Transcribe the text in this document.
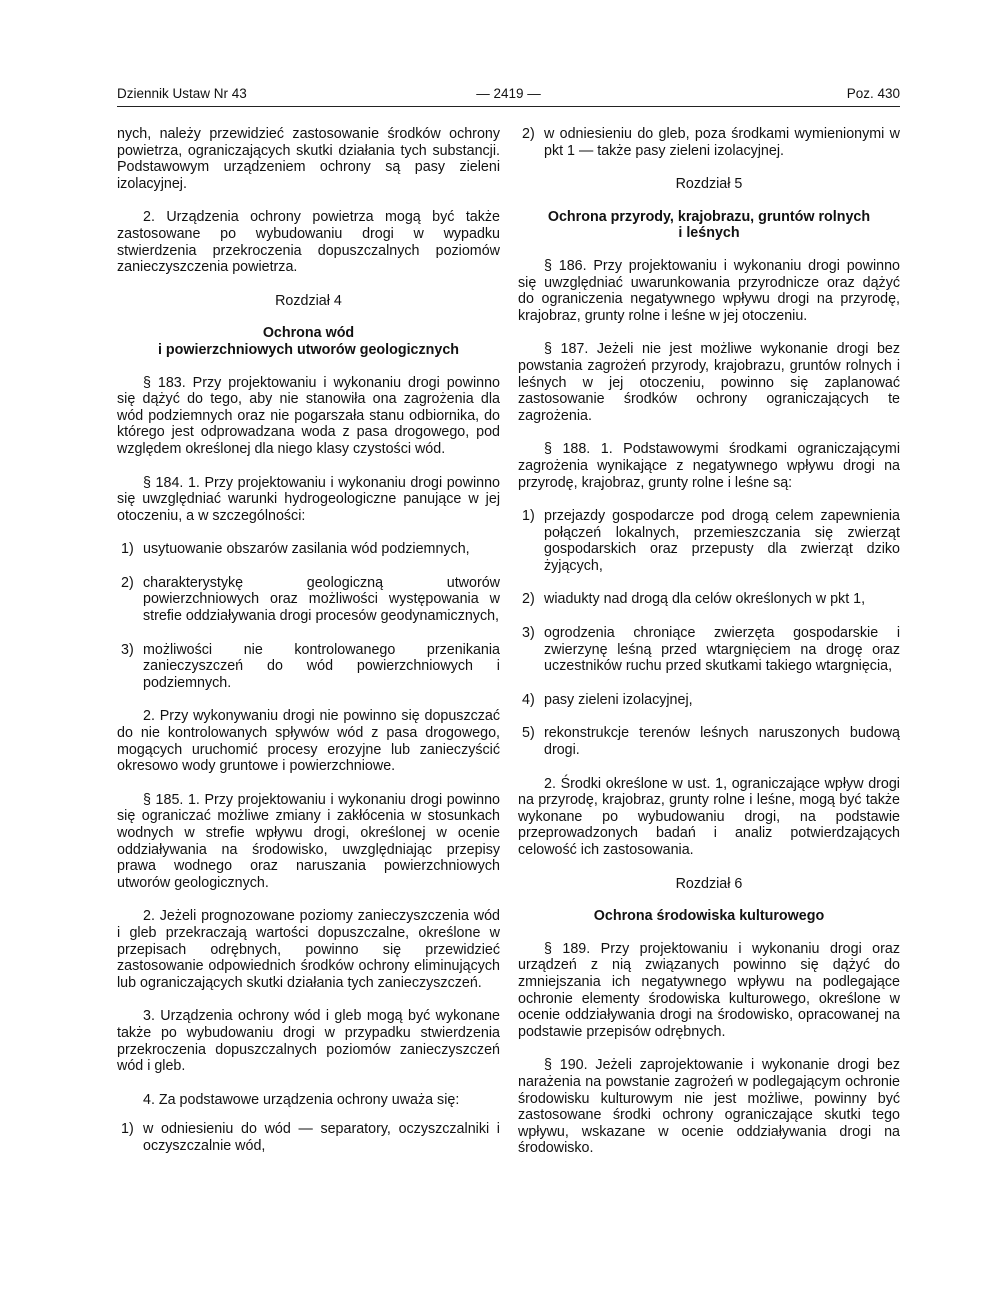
Dziennik Ustaw Nr 43	— 2419 —	Poz. 430

nych, należy przewidzieć zastosowanie środków ochrony powietrza, ograniczających skutki działania tych substancji. Podstawowym urządzeniem ochrony są pasy zieleni izolacyjnej.

2. Urządzenia ochrony powietrza mogą być także zastosowane po wybudowaniu drogi w wypadku stwierdzenia przekroczenia dopuszczalnych poziomów zanieczyszczenia powietrza.

Rozdział 4
Ochrona wód
i powierzchniowych utworów geologicznych

§ 183. Przy projektowaniu i wykonaniu drogi powinno się dążyć do tego, aby nie stanowiła ona zagrożenia dla wód podziemnych oraz nie pogarszała stanu odbiornika, do którego jest odprowadzana woda z pasa drogowego, pod względem określonej dla niego klasy czystości wód.

§ 184. 1. Przy projektowaniu i wykonaniu drogi powinno się uwzględniać warunki hydrogeologiczne panujące w jej otoczeniu, a w szczególności:

1) usytuowanie obszarów zasilania wód podziemnych,
2) charakterystykę geologiczną utworów powierzchniowych oraz możliwości występowania w strefie oddziaływania drogi procesów geodynamicznych,
3) możliwości nie kontrolowanego przenikania zanieczyszczeń do wód powierzchniowych i podziemnych.

2. Przy wykonywaniu drogi nie powinno się dopuszczać do nie kontrolowanych spływów wód z pasa drogowego, mogących uruchomić procesy erozyjne lub zanieczyścić okresowo wody gruntowe i powierzchniowe.

§ 185. 1. Przy projektowaniu i wykonaniu drogi powinno się ograniczać możliwe zmiany i zakłócenia w stosunkach wodnych w strefie wpływu drogi, określonej w ocenie oddziaływania na środowisko, uwzględniając przepisy prawa wodnego oraz naruszania powierzchniowych utworów geologicznych.

2. Jeżeli prognozowane poziomy zanieczyszczenia wód i gleb przekraczają wartości dopuszczalne, określone w przepisach odrębnych, powinno się przewidzieć zastosowanie odpowiednich środków ochrony eliminujących lub ograniczających skutki działania tych zanieczyszczeń.

3. Urządzenia ochrony wód i gleb mogą być wykonane także po wybudowaniu drogi w przypadku stwierdzenia przekroczenia dopuszczalnych poziomów zanieczyszczeń wód i gleb.

4. Za podstawowe urządzenia ochrony uważa się:

1) w odniesieniu do wód — separatory, oczyszczalniki i oczyszczalnie wód,
2) w odniesieniu do gleb, poza środkami wymienionymi w pkt 1 — także pasy zieleni izolacyjnej.
Rozdział 5
Ochrona przyrody, krajobrazu, gruntów rolnych
i leśnych

§ 186. Przy projektowaniu i wykonaniu drogi powinno się uwzględniać uwarunkowania przyrodnicze oraz dążyć do ograniczenia negatywnego wpływu drogi na przyrodę, krajobraz, grunty rolne i leśne w jej otoczeniu.

§ 187. Jeżeli nie jest możliwe wykonanie drogi bez powstania zagrożeń przyrody, krajobrazu, gruntów rolnych i leśnych w jej otoczeniu, powinno się zaplanować zastosowanie środków ochrony ograniczających te zagrożenia.

§ 188. 1. Podstawowymi środkami ograniczającymi zagrożenia wynikające z negatywnego wpływu drogi na przyrodę, krajobraz, grunty rolne i leśne są:

1) przejazdy gospodarcze pod drogą celem zapewnienia połączeń lokalnych, przemieszczania się zwierząt gospodarskich oraz przepusty dla zwierząt dziko żyjących,
2) wiadukty nad drogą dla celów określonych w pkt 1,
3) ogrodzenia chroniące zwierzęta gospodarskie i zwierzynę leśną przed wtargnięciem na drogę oraz uczestników ruchu przed skutkami takiego wtargnięcia,
4) pasy zieleni izolacyjnej,
5) rekonstrukcje terenów leśnych naruszonych budową drogi.

2. Środki określone w ust. 1, ograniczające wpływ drogi na przyrodę, krajobraz, grunty rolne i leśne, mogą być także wykonane po wybudowaniu drogi, na podstawie przeprowadzonych badań i analiz potwierdzających celowość ich zastosowania.

Rozdział 6
Ochrona środowiska kulturowego

§ 189. Przy projektowaniu i wykonaniu drogi oraz urządzeń z nią związanych powinno się dążyć do zmniejszania ich negatywnego wpływu na podlegające ochronie elementy środowiska kulturowego, określone w ocenie oddziaływania drogi na środowisko, opracowanej na podstawie przepisów odrębnych.

§ 190. Jeżeli zaprojektowanie i wykonanie drogi bez narażenia na powstanie zagrożeń w podlegającym ochronie środowisku kulturowym nie jest możliwe, powinny być zastosowane środki ochrony ograniczające skutki tego wpływu, wskazane w ocenie oddziaływania drogi na środowisko.
